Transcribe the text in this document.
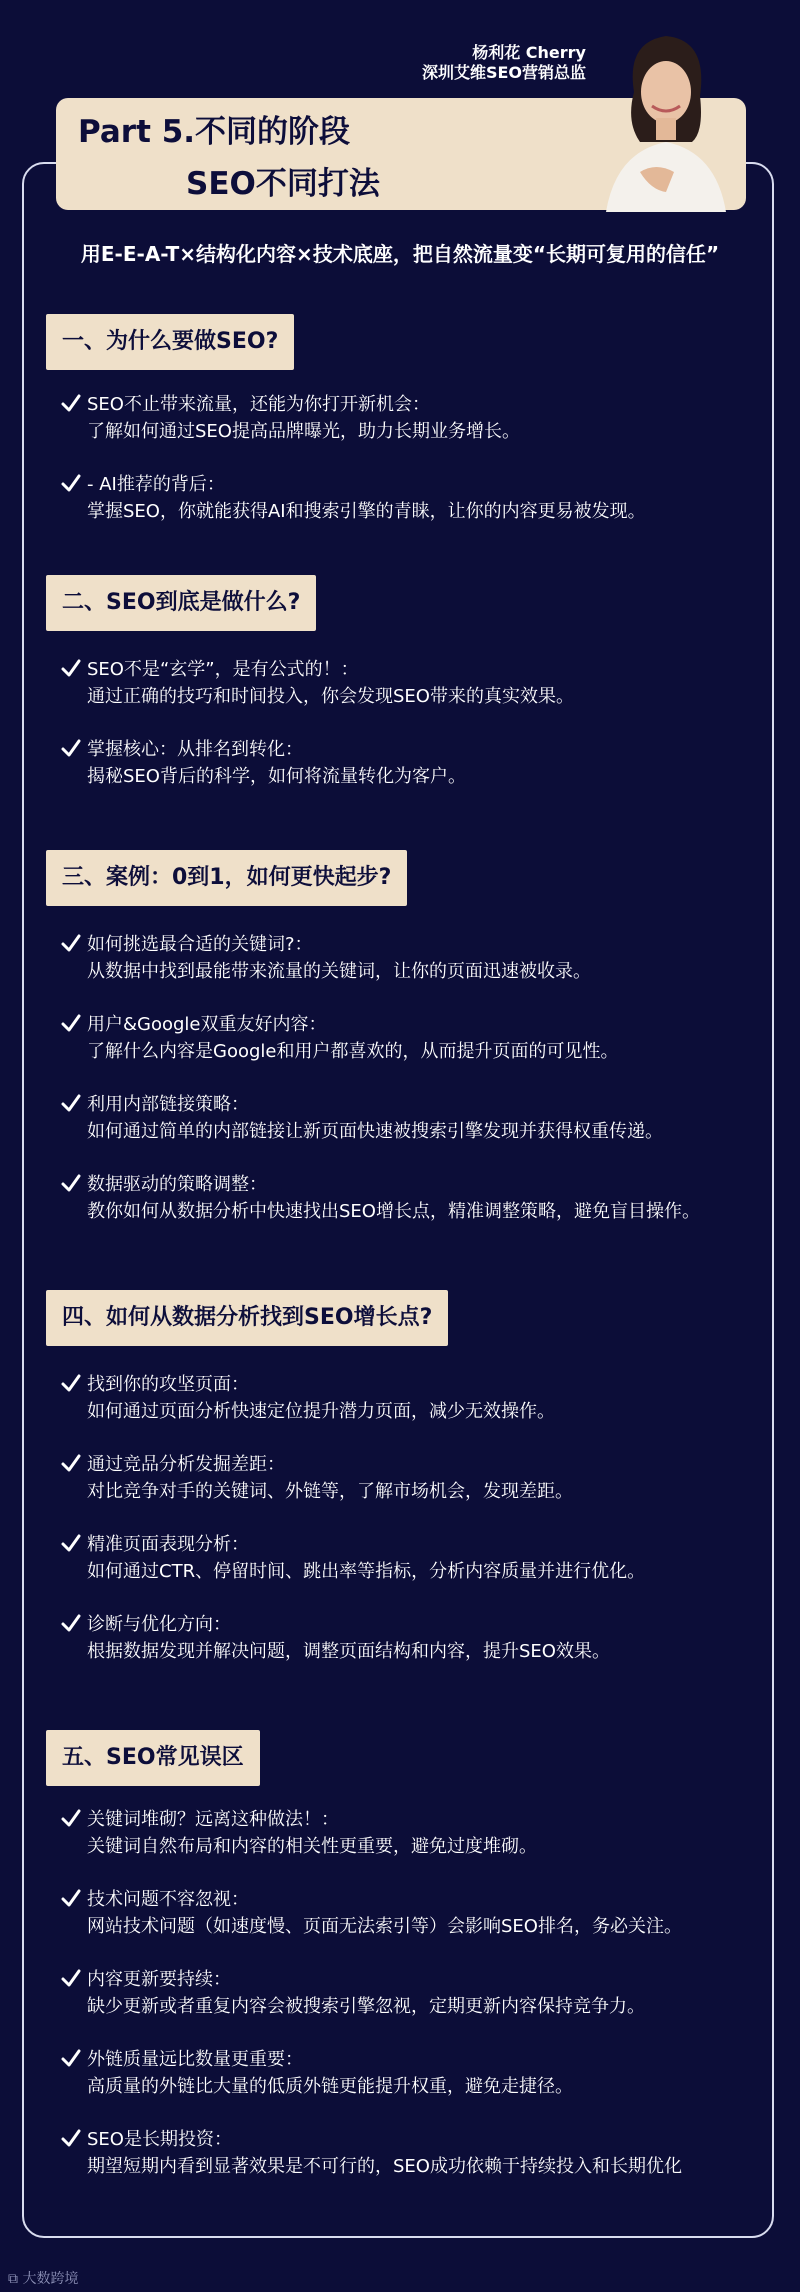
Part 5.不同的阶段
SEO不同打法
杨利花 Cherry
深圳艾维SEO营销总监
用E-E-A-T×结构化内容×技术底座，把自然流量变“长期可复用的信任”
一、为什么要做SEO?
SEO不止带来流量，还能为你打开新机会：
了解如何通过SEO提高品牌曝光，助力长期业务增长。
- AI推荐的背后：
掌握SEO，你就能获得AI和搜索引擎的青睐，让你的内容更易被发现。
二、SEO到底是做什么?
SEO不是“玄学”，是有公式的！：
通过正确的技巧和时间投入，你会发现SEO带来的真实效果。
掌握核心：从排名到转化：
揭秘SEO背后的科学，如何将流量转化为客户。
三、案例：0到1，如何更快起步?
如何挑选最合适的关键词?：
从数据中找到最能带来流量的关键词，让你的页面迅速被收录。
用户&Google双重友好内容：
了解什么内容是Google和用户都喜欢的，从而提升页面的可见性。
利用内部链接策略：
如何通过简单的内部链接让新页面快速被搜索引擎发现并获得权重传递。
数据驱动的策略调整：
教你如何从数据分析中快速找出SEO增长点，精准调整策略，避免盲目操作。
四、如何从数据分析找到SEO增长点?
找到你的攻坚页面：
如何通过页面分析快速定位提升潜力页面，减少无效操作。
通过竞品分析发掘差距：
对比竞争对手的关键词、外链等，了解市场机会，发现差距。
精准页面表现分析：
如何通过CTR、停留时间、跳出率等指标，分析内容质量并进行优化。
诊断与优化方向：
根据数据发现并解决问题，调整页面结构和内容，提升SEO效果。
五、SEO常见误区
关键词堆砌？远离这种做法！：
关键词自然布局和内容的相关性更重要，避免过度堆砌。
技术问题不容忽视：
网站技术问题（如速度慢、页面无法索引等）会影响SEO排名，务必关注。
内容更新要持续：
缺少更新或者重复内容会被搜索引擎忽视，定期更新内容保持竞争力。
外链质量远比数量更重要：
高质量的外链比大量的低质外链更能提升权重，避免走捷径。
SEO是长期投资：
期望短期内看到显著效果是不可行的，SEO成功依赖于持续投入和长期优化
⧉ 大数跨境
